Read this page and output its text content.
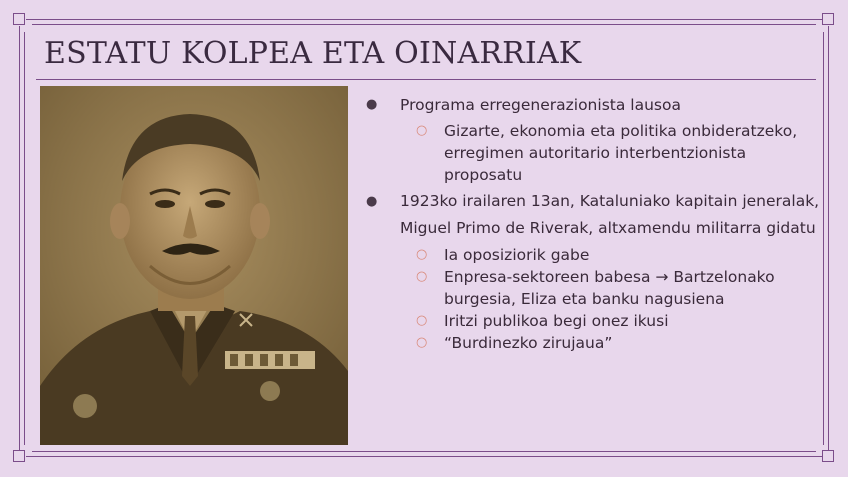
ESTATU KOLPEA ETA OINARRIAK
● Programa erregenerazionista lausoa
○ Gizarte, ekonomia eta politika onbideratzeko, erregimen autoritario interbentzionista proposatu
● 1923ko irailaren 13an, Kataluniako kapitain jeneralak, Miguel Primo de Riverak, altxamendu militarra gidatu
○ Ia oposiziorik gabe
○ Enpresa-sektoreen babesa → Bartzelonako burgesia, Eliza eta banku nagusiena
○ Iritzi publikoa begi onez ikusi
○ “Burdinezko zirujaua”
